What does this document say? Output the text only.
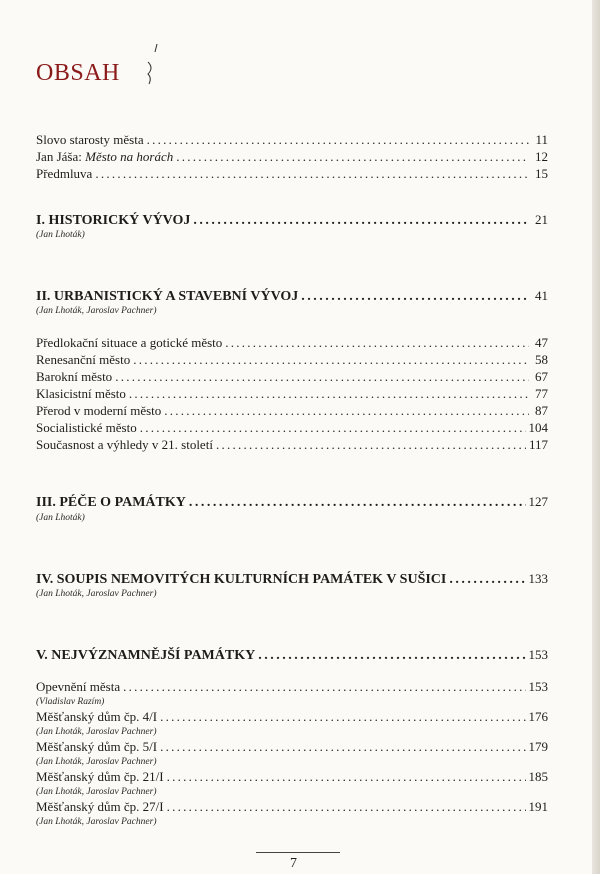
OBSAH
Slovo starosty města . . .	11
Jan Jáša: Město na horách . . .	12
Předmluva . . .	15
I. HISTORICKÝ VÝVOJ . . .	21
(Jan Lhoták)
II. URBANISTICKÝ A STAVEBNÍ VÝVOJ . . .	41
(Jan Lhoták, Jaroslav Pachner)
Předlokační situace a gotické město . . .	47
Renesanční město . . .	58
Barokní město . . .	67
Klasicistní město . . .	77
Přerod v moderní město . . .	87
Socialistické město . . .	104
Současnost a výhledy v 21. století . . .	117
III. PÉČE O PAMÁTKY . . .	127
(Jan Lhoták)
IV. SOUPIS NEMOVITÝCH KULTURNÍCH PAMÁTEK V SUŠICI . . .	133
(Jan Lhoták, Jaroslav Pachner)
V. NEJVÝZNAMNĚJŠÍ PAMÁTKY . . .	153
Opevnění města . . .	153
(Vladislav Razím)
Měšťanský dům čp. 4/I . . .	176
(Jan Lhoták, Jaroslav Pachner)
Měšťanský dům čp. 5/I . . .	179
(Jan Lhoták, Jaroslav Pachner)
Měšťanský dům čp. 21/I . . .	185
(Jan Lhoták, Jaroslav Pachner)
Měšťanský dům čp. 27/I . . .	191
(Jan Lhoták, Jaroslav Pachner)
7
